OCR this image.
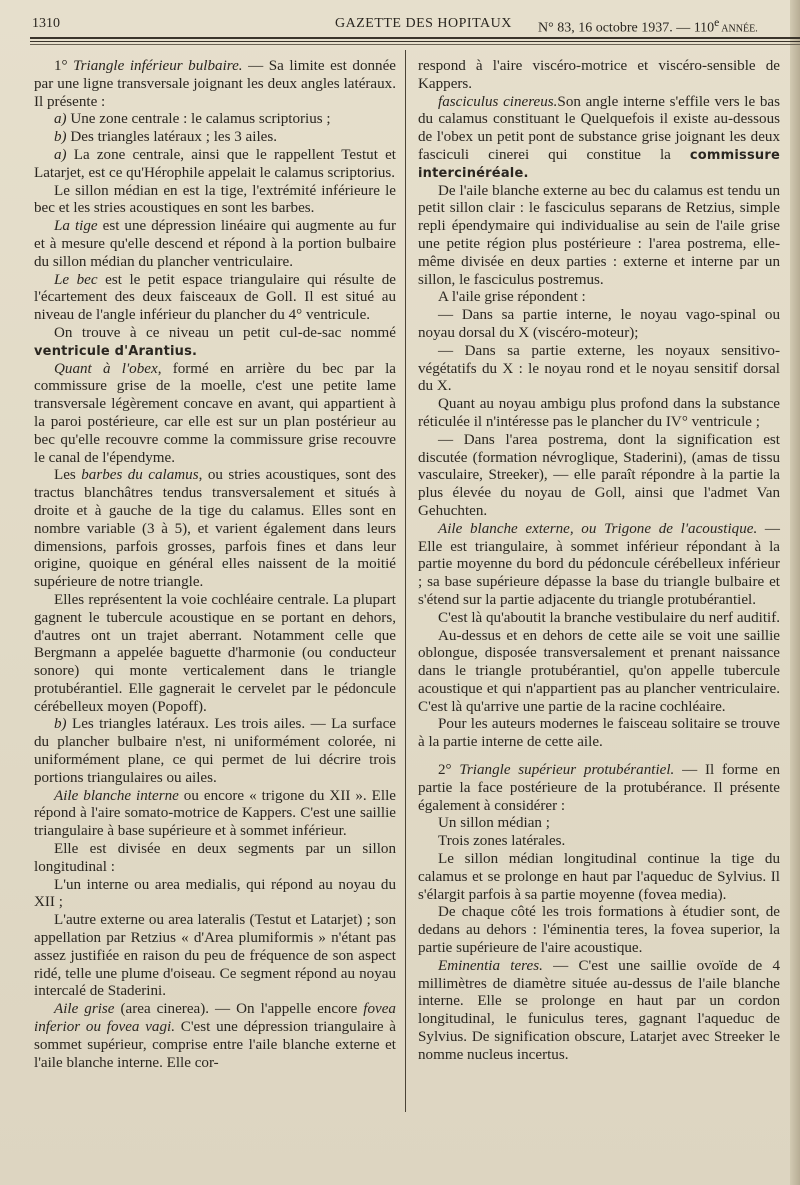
1310	GAZETTE DES HOPITAUX N° 83, 16 octobre 1937. — 110e ANNÉE.

1° Triangle inférieur bulbaire. — Sa limite est donnée par une ligne transversale joignant les deux angles latéraux. Il présente :

a) Une zone centrale : le calamus scriptorius ;

b) Des triangles latéraux ; les 3 ailes.

a) La zone centrale, ainsi que le rappellent Testut et Latarjet, est ce qu'Hérophile appelait le calamus scriptorius.

Le sillon médian en est la tige, l'extrémité inférieure le bec et les stries acoustiques en sont les barbes.

La tige est une dépression linéaire qui augmente au fur et à mesure qu'elle descend et répond à la portion bulbaire du sillon médian du plancher ventriculaire.

Le bec est le petit espace triangulaire qui résulte de l'écartement des deux faisceaux de Goll. Il est situé au niveau de l'angle inférieur du plancher du 4° ventricule.

On trouve à ce niveau un petit cul-de-sac nommé ventricule d'Arantius.

Quant à l'obex, formé en arrière du bec par la commissure grise de la moelle, c'est une petite lame transversale légèrement concave en avant, qui appartient à la paroi postérieure, car elle est sur un plan postérieur au bec qu'elle recouvre comme la commissure grise recouvre le canal de l'épendyme.

Les barbes du calamus, ou stries acoustiques, sont des tractus blanchâtres tendus transversalement et situés à droite et à gauche de la tige du calamus. Elles sont en nombre variable (3 à 5), et varient également dans leurs dimensions, parfois grosses, parfois fines et dans leur origine, quoique en général elles naissent de la moitié supérieure de notre triangle.

Elles représentent la voie cochléaire centrale. La plupart gagnent le tubercule acoustique en se portant en dehors, d'autres ont un trajet aberrant. Notamment celle que Bergmann a appelée baguette d'harmonie (ou conducteur sonore) qui monte verticalement dans le triangle protubérantiel. Elle gagnerait le cervelet par le pédoncule cérébelleux moyen (Popoff).

b) Les triangles latéraux. Les trois ailes. — La surface du plancher bulbaire n'est, ni uniformément colorée, ni uniformément plane, ce qui permet de lui décrire trois portions triangulaires ou ailes.

Aile blanche interne ou encore « trigone du XII ». Elle répond à l'aire somato-motrice de Kappers. C'est une saillie triangulaire à base supérieure et à sommet inférieur.

Elle est divisée en deux segments par un sillon longitudinal :

L'un interne ou area medialis, qui répond au noyau du XII ;

L'autre externe ou area lateralis (Testut et Latarjet) ; son appellation par Retzius « d'Area plumiformis » n'étant pas assez justifiée en raison du peu de fréquence de son aspect ridé, telle une plume d'oiseau. Ce segment répond au noyau intercalé de Staderini.

Aile grise (area cinerea). — On l'appelle encore fovea inferior ou fovea vagi. C'est une dépression triangulaire à sommet supérieur, comprise entre l'aile blanche externe et l'aile blanche interne. Elle cor-

respond à l'aire viscéro-motrice et viscéro-sensible de Kappers.

fasciculus cinereus.Son angle interne s'effile vers le bas du calamus constituant le Quelquefois il existe au-dessous de l'obex un petit pont de substance grise joignant les deux fasciculi cinerei qui constitue la commissure intercinéréale.

De l'aile blanche externe au bec du calamus est tendu un petit sillon clair : le fasciculus separans de Retzius, simple repli épendymaire qui individualise au sein de l'aile grise une petite région plus postérieure : l'area postrema, elle-même divisée en deux parties : externe et interne par un sillon, le fasciculus postremus.

A l'aile grise répondent :

— Dans sa partie interne, le noyau vago-spinal ou noyau dorsal du X (viscéro-moteur);

— Dans sa partie externe, les noyaux sensitivo-végétatifs du X : le noyau rond et le noyau sensitif dorsal du X.

Quant au noyau ambigu plus profond dans la substance réticulée il n'intéresse pas le plancher du IV° ventricule ;

— Dans l'area postrema, dont la signification est discutée (formation névroglique, Staderini), (amas de tissu vasculaire, Streeker), — elle paraît répondre à la partie la plus élevée du noyau de Goll, ainsi que l'admet Van Gehuchten.

Aile blanche externe, ou Trigone de l'acoustique. — Elle est triangulaire, à sommet inférieur répondant à la partie moyenne du bord du pédoncule cérébelleux inférieur ; sa base supérieure dépasse la base du triangle bulbaire et s'étend sur la partie adjacente du triangle protubérantiel.

C'est là qu'aboutit la branche vestibulaire du nerf auditif.

Au-dessus et en dehors de cette aile se voit une saillie oblongue, disposée transversalement et prenant naissance dans le triangle protubérantiel, qu'on appelle tubercule acoustique et qui n'appartient pas au plancher ventriculaire. C'est là qu'arrive une partie de la racine cochléaire.

Pour les auteurs modernes le faisceau solitaire se trouve à la partie interne de cette aile.

2° Triangle supérieur protubérantiel. — Il forme en partie la face postérieure de la protubérance. Il présente également à considérer :

Un sillon médian ;

Trois zones latérales.

Le sillon médian longitudinal continue la tige du calamus et se prolonge en haut par l'aqueduc de Sylvius. Il s'élargit parfois à sa partie moyenne (fovea media).

De chaque côté les trois formations à étudier sont, de dedans au dehors : l'éminentia teres, la fovea superior, la partie supérieure de l'aire acoustique.

Eminentia teres. — C'est une saillie ovoïde de 4 millimètres de diamètre située au-dessus de l'aile blanche interne. Elle se prolonge en haut par un cordon longitudinal, le funiculus teres, gagnant l'aqueduc de Sylvius. De signification obscure, Latarjet avec Streeker le nomme nucleus incertus.
